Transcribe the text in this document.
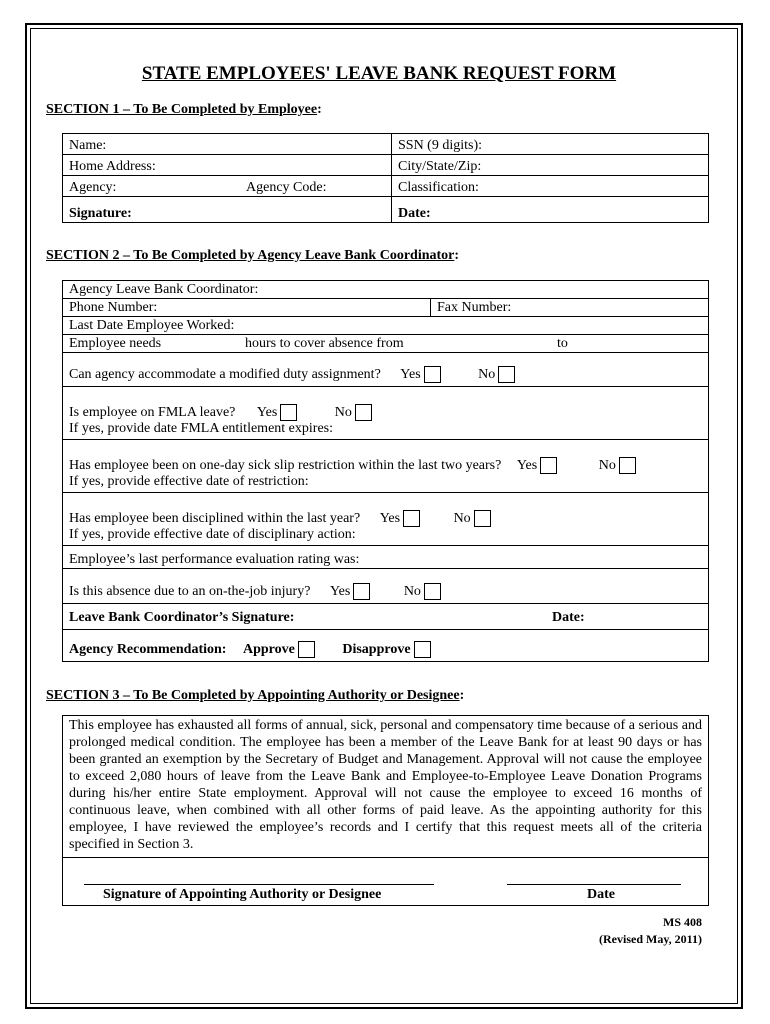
STATE EMPLOYEES' LEAVE BANK REQUEST FORM
SECTION 1 – To Be Completed by Employee:
Name:	SSN (9 digits):
Home Address:	City/State/Zip:
Agency: Agency Code:	Classification:
Signature:	Date:
SECTION 2 – To Be Completed by Agency Leave Bank Coordinator:
Agency Leave Bank Coordinator:
Phone Number:	Fax Number:
Last Date Employee Worked:
Employee needs	hours to cover absence from	to

Can agency accommodate a modified duty assignment? Yes	No

Is employee on FMLA leave? Yes	No
If yes, provide date FMLA entitlement expires:

Has employee been on one-day sick slip restriction within the last two years? Yes	No
If yes, provide effective date of restriction:

Has employee been disciplined within the last year? Yes	No
If yes, provide effective date of disciplinary action:

Employee’s last performance evaluation rating was:
Is this absence due to an on-the-job injury? Yes	No
Leave Bank Coordinator’s Signature:	Date:

Agency Recommendation: Approve	Disapprove
SECTION 3 – To Be Completed by Appointing Authority or Designee:
This employee has exhausted all forms of annual, sick, personal and compensatory time because of a serious and prolonged medical condition. The employee has been a member of the Leave Bank for at least 90 days or has been granted an exemption by the Secretary of Budget and Management. Approval will not cause the employee to exceed 2,080 hours of leave from the Leave Bank and Employee-to-Employee Leave Donation Programs during his/her entire State employment. Approval will not cause the employee to exceed 16 months of continuous leave, when combined with all other forms of paid leave. As the appointing authority for this employee, I have reviewed the employee’s records and I certify that this request meets all of the criteria specified in Section 3.

Signature of Appointing Authority or Designee	Date
MS 408
(Revised May, 2011)
